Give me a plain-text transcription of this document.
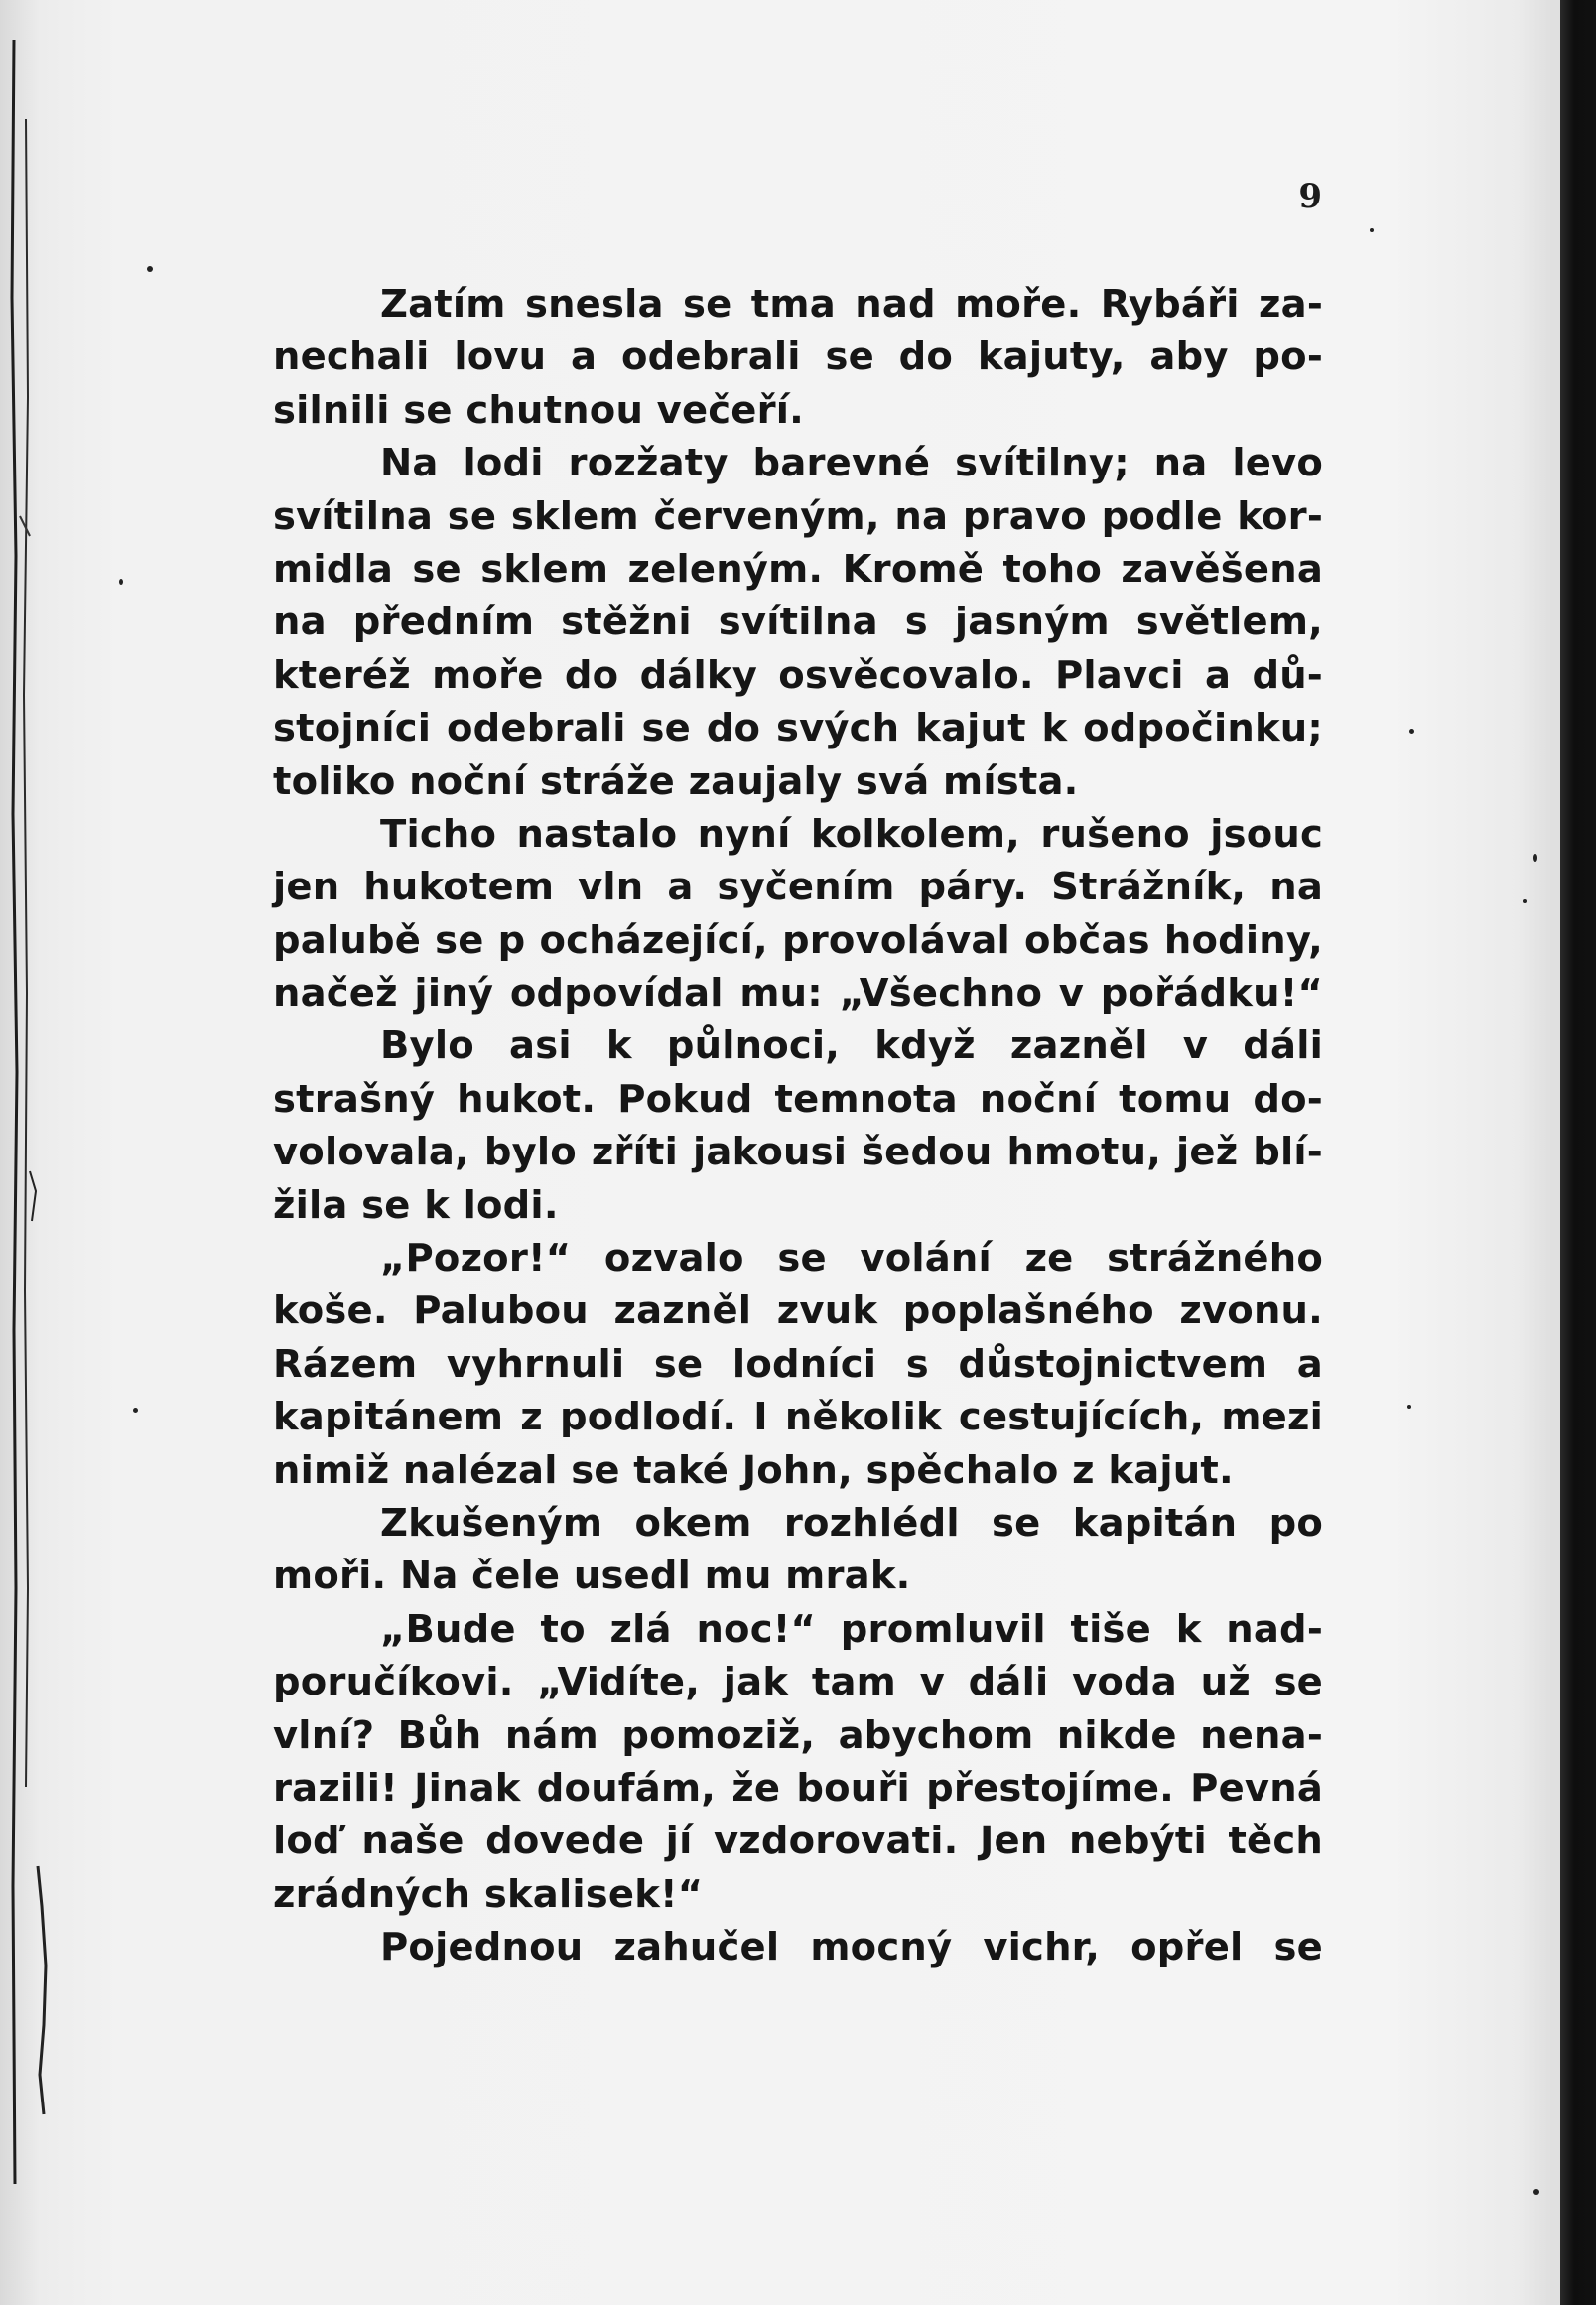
9
Zatím snesla se tma nad moře. Rybáři za-
nechali lovu a odebrali se do kajuty, aby po-
silnili se chutnou večeří.
Na lodi rozžaty barevné svítilny; na levo
svítilna se sklem červeným, na pravo podle kor-
midla se sklem zeleným. Kromě toho zavěšena
na předním stěžni svítilna s jasným světlem,
kteréž moře do dálky osvěcovalo. Plavci a dů-
stojníci odebrali se do svých kajut k odpočinku;
toliko noční stráže zaujaly svá místa.
Ticho nastalo nyní kolkolem, rušeno jsouc
jen hukotem vln a syčením páry. Strážník, na
palubě se p ocházející, provolával občas hodiny,
načež jiný odpovídal mu: „Všechno v pořádku!“
Bylo asi k půlnoci, když zazněl v dáli
strašný hukot. Pokud temnota noční tomu do-
volovala, bylo zříti jakousi šedou hmotu, jež blí-
žila se k lodi.
„Pozor!“ ozvalo se volání ze strážného
koše. Palubou zazněl zvuk poplašného zvonu.
Rázem vyhrnuli se lodníci s důstojnictvem a
kapitánem z podlodí. I několik cestujících, mezi
nimiž nalézal se také John, spěchalo z kajut.
Zkušeným okem rozhlédl se kapitán po
moři. Na čele usedl mu mrak.
„Bude to zlá noc!“ promluvil tiše k nad-
poručíkovi. „Vidíte, jak tam v dáli voda už se
vlní? Bůh nám pomoziž, abychom nikde nena-
razili! Jinak doufám, že bouři přestojíme. Pevná
loď naše dovede jí vzdorovati. Jen nebýti těch
zrádných skalisek!“
Pojednou zahučel mocný vichr, opřel se
